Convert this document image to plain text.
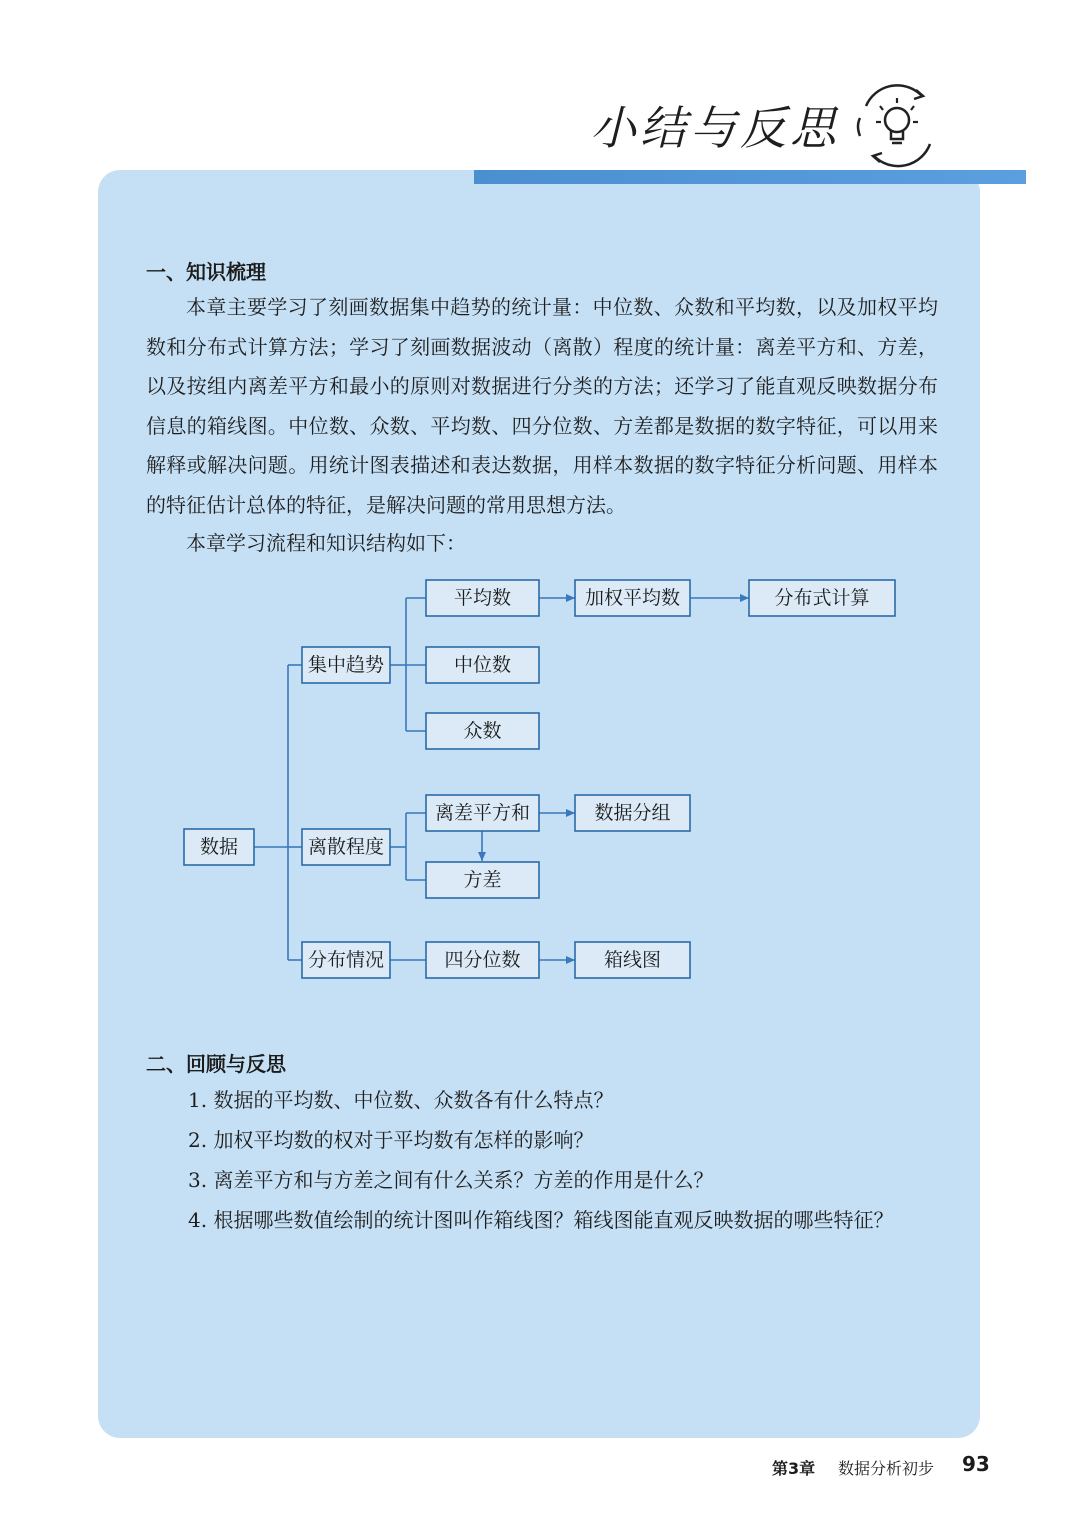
小结与反思
一、知识梳理

本章主要学习了刻画数据集中趋势的统计量：中位数、众数和平均数，以及加权平均数和分布式计算方法；学习了刻画数据波动（离散）程度的统计量：离差平方和、方差，以及按组内离差平方和最小的原则对数据进行分类的方法；还学习了能直观反映数据分布信息的箱线图。中位数、众数、平均数、四分位数、方差都是数据的数字特征，可以用来解释或解决问题。用统计图表描述和表达数据，用样本数据的数字特征分析问题、用样本的特征估计总体的特征，是解决问题的常用思想方法。

本章学习流程和知识结构如下：

数据
集中趋势
平均数	加权平均数	分布式计算
中位数
众数
离散程度
离差平方和	数据分组
方差
分布情况	四分位数	箱线图
二、回顾与反思

1. 数据的平均数、中位数、众数各有什么特点？

2. 加权平均数的权对于平均数有怎样的影响？

3. 离差平方和与方差之间有什么关系？方差的作用是什么？

4. 根据哪些数值绘制的统计图叫作箱线图？箱线图能直观反映数据的哪些特征？

第3章 数据分析初步 93
